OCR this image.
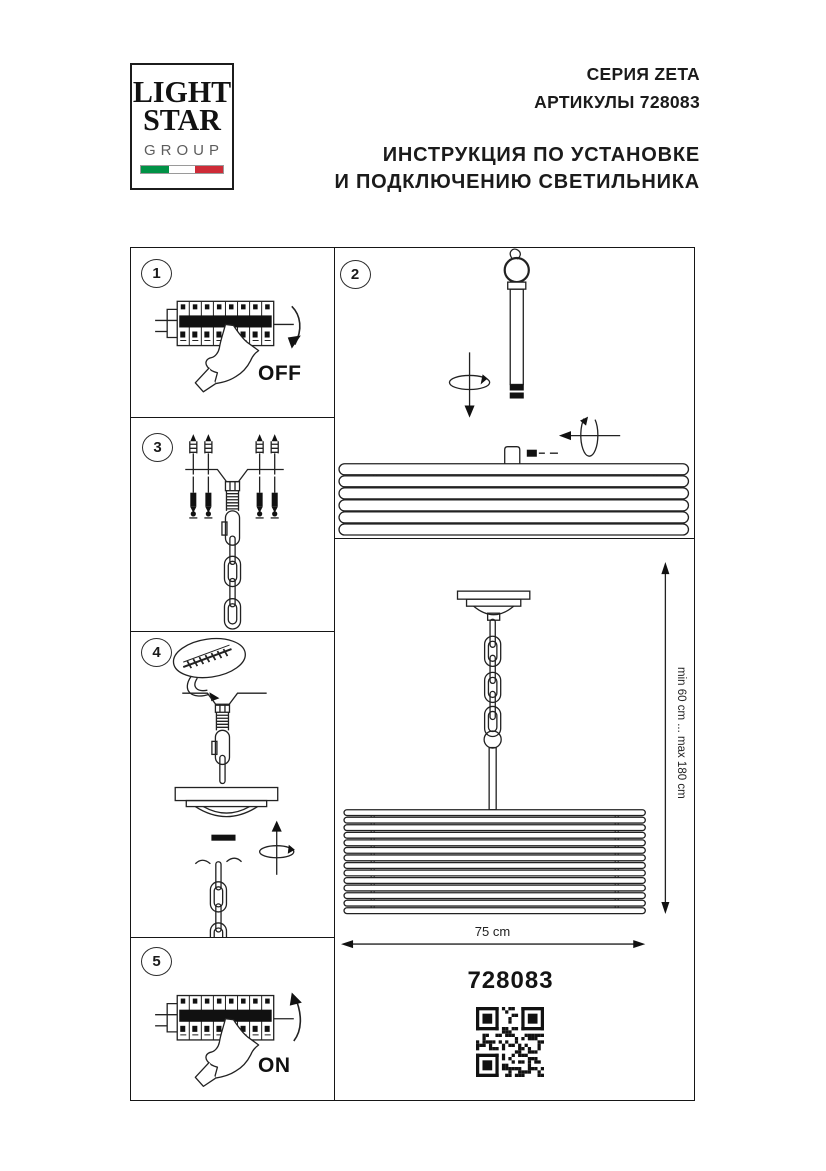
LIGHT
STAR
GROUP
СЕРИЯ ZETA
АРТИКУЛЫ 728083
ИНСТРУКЦИЯ ПО УСТАНОВКЕ
И ПОДКЛЮЧЕНИЮ СВЕТИЛЬНИКА
1
OFF
3
4
5
ON
2
75 cm
min 60 cm ... max 180 cm
728083
